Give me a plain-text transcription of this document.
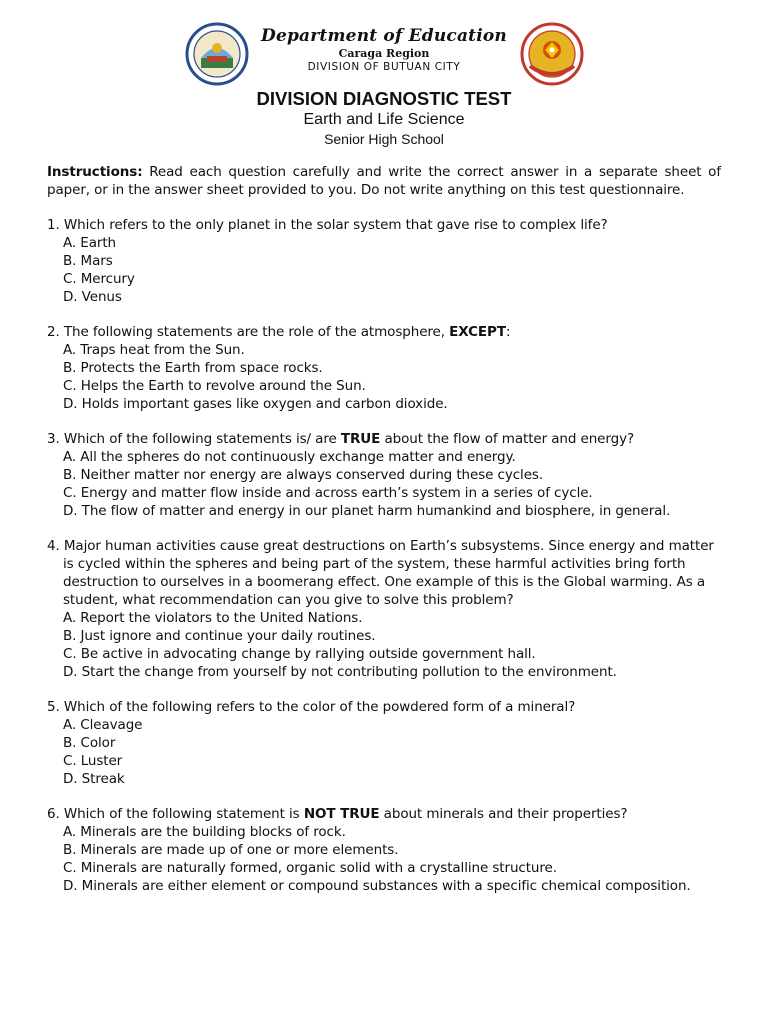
Department of Education
Caraga Region
DIVISION OF BUTUAN CITY
DIVISION DIAGNOSTIC TEST
Earth and Life Science
Senior High School

Instructions: Read each question carefully and write the correct answer in a separate sheet of paper, or in the answer sheet provided to you. Do not write anything on this test questionnaire.

1. Which refers to the only planet in the solar system that gave rise to complex life?

A. Earth
B. Mars
C. Mercury
D. Venus

2. The following statements are the role of the atmosphere, EXCEPT:

A. Traps heat from the Sun.
B. Protects the Earth from space rocks.
C. Helps the Earth to revolve around the Sun.
D. Holds important gases like oxygen and carbon dioxide.

3. Which of the following statements is/ are TRUE about the flow of matter and energy?

A. All the spheres do not continuously exchange matter and energy.
B. Neither matter nor energy are always conserved during these cycles.
C. Energy and matter flow inside and across earth’s system in a series of cycle.
D. The flow of matter and energy in our planet harm humankind and biosphere, in general.

4. Major human activities cause great destructions on Earth’s subsystems. Since energy and matter is cycled within the spheres and being part of the system, these harmful activities bring forth destruction to ourselves in a boomerang effect. One example of this is the Global warming. As a student, what recommendation can you give to solve this problem?

A. Report the violators to the United Nations.
B. Just ignore and continue your daily routines.
C. Be active in advocating change by rallying outside government hall.
D. Start the change from yourself by not contributing pollution to the environment.

5. Which of the following refers to the color of the powdered form of a mineral?

A. Cleavage
B. Color
C. Luster
D. Streak

6. Which of the following statement is NOT TRUE about minerals and their properties?

A. Minerals are the building blocks of rock.
B. Minerals are made up of one or more elements.
C. Minerals are naturally formed, organic solid with a crystalline structure.
D. Minerals are either element or compound substances with a specific chemical composition.
